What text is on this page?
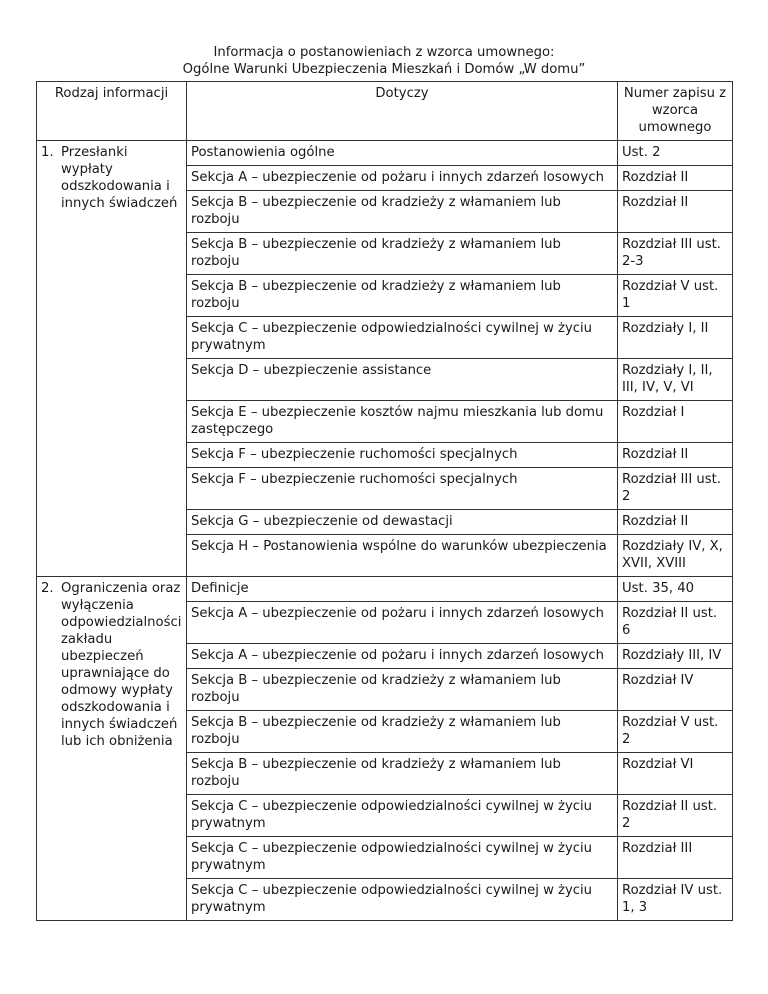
Informacja o postanowieniach z wzorca umownego:
Ogólne Warunki Ubezpieczenia Mieszkań i Domów „W domu”
Rodzaj informacji	Dotyczy	Numer zapisu z wzorca umownego

1. Przesłanki wypłaty odszkodowania i innych świadczeń	Postanowienia ogólne	Ust. 2
	Sekcja A – ubezpieczenie od pożaru i innych zdarzeń losowych	Rozdział II
	Sekcja B – ubezpieczenie od kradzieży z włamaniem lub rozboju	Rozdział II
	Sekcja B – ubezpieczenie od kradzieży z włamaniem lub rozboju	Rozdział III ust. 2-3
	Sekcja B – ubezpieczenie od kradzieży z włamaniem lub rozboju	Rozdział V ust. 1
	Sekcja C – ubezpieczenie odpowiedzialności cywilnej w życiu prywatnym	Rozdziały I, II
	Sekcja D – ubezpieczenie assistance	Rozdziały I, II, III, IV, V, VI
	Sekcja E – ubezpieczenie kosztów najmu mieszkania lub domu zastępczego	Rozdział I
	Sekcja F – ubezpieczenie ruchomości specjalnych	Rozdział II
	Sekcja F – ubezpieczenie ruchomości specjalnych	Rozdział III ust. 2
	Sekcja G – ubezpieczenie od dewastacji	Rozdział II
	Sekcja H – Postanowienia wspólne do warunków ubezpieczenia	Rozdziały IV, X, XVII, XVIII

2. Ograniczenia oraz wyłączenia odpowiedzialności zakładu ubezpieczeń uprawniające do odmowy wypłaty odszkodowania i innych świadczeń lub ich obniżenia	Definicje	Ust. 35, 40
	Sekcja A – ubezpieczenie od pożaru i innych zdarzeń losowych	Rozdział II ust. 6
	Sekcja A – ubezpieczenie od pożaru i innych zdarzeń losowych	Rozdziały III, IV
	Sekcja B – ubezpieczenie od kradzieży z włamaniem lub rozboju	Rozdział IV
	Sekcja B – ubezpieczenie od kradzieży z włamaniem lub rozboju	Rozdział V ust. 2
	Sekcja B – ubezpieczenie od kradzieży z włamaniem lub rozboju	Rozdział VI
	Sekcja C – ubezpieczenie odpowiedzialności cywilnej w życiu prywatnym	Rozdział II ust. 2
	Sekcja C – ubezpieczenie odpowiedzialności cywilnej w życiu prywatnym	Rozdział III
	Sekcja C – ubezpieczenie odpowiedzialności cywilnej w życiu prywatnym	Rozdział IV ust. 1, 3
